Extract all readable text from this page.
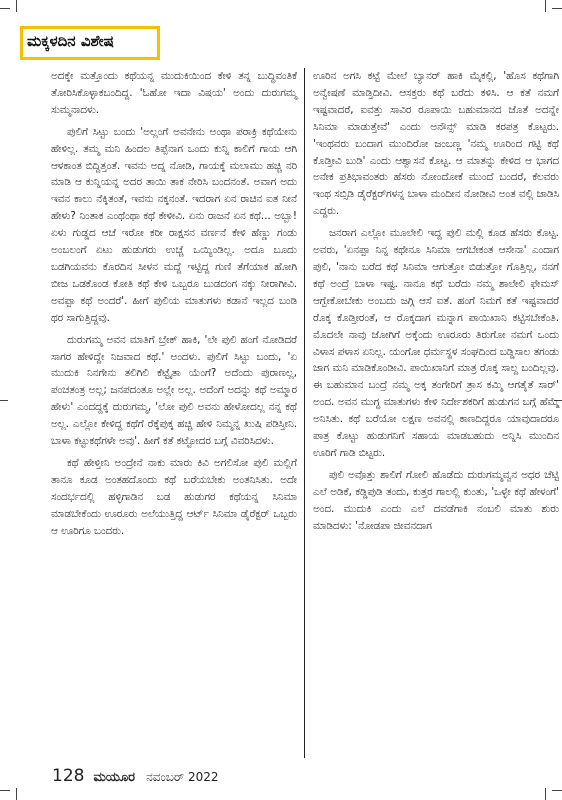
ಮಕ್ಕಳದಿನ ವಿಶೇಷ

ಅದಕ್ಕೇ ಮತ್ತೊಂದು ಕಥೆಯನ್ನ ಮುದುಕಿಯಿಂದ ಕೇಳಿ ತನ್ನ ಬುದ್ಧಿವಂತಿಕೆ ತೋರಿಸಿಕೊಳ್ಳಾಕಬಂದಿದ್ದ. 'ಓಹೋ ಇದಾ ವಿಷಯ' ಅಂದು ದುರುಗಮ್ಮ ಸುಮ್ಮನಾದಳು.

ಪುಲಿಗೆ ಸಿಟ್ಟು ಬಂದು 'ಅಲ್ಲಂಗೆ ಅವನೇನು ಅಂಥಾ ಪರಾಕ್ರಿ ಕಥೆಯೇನು ಹೇಳಿಲ್ಲ. ತಮ್ಮ ಮನಿ ಹಿಂದಲ ತಿಪ್ಪೆನಾಗ ಒಂದು ಕುನ್ನಿ ಕಾಲಿಗೆ ಗಾಯ ಆಗಿ ಆಳಕಾಂತ ಬಿದ್ದಿತ್ತಂತೆ. ಇವನು ಅದ್ನ ನೋಡಿ, ಗಾಯಕ್ಕೆ ಮಲಾಮು ಹಚ್ಚಿ ನರಿ ಮಾಡಿ ಆ ಕುನ್ನಿಯನ್ನ ಅದರ ತಾಯಿ ತಾಕ ನೇರಿಸಿ ಬಂದನಂತೆ. ಅವಾಗ ಅದು ಇವನ ಕಾಲು ನೆಕ್ಕಿತಂತೆ, ಇವನು ನಕ್ಕನಂತೆ. ಇದರಾಗ ಏನ ರಾಚಿನ ಐತ ನೀನೆ ಹೇಳು? ನಿಂತಾಕ ಎಂಥೆಂಥಾ ಕಥೆ ಕೇಳೀವಿ. ಏನು ರಾಜನೆ ಏನ ಕಥೆ... ಅಬ್ಬಾ! ಏಳು ಗುಡ್ಡದ ಆಚೆ ಇರೋ ಕರೀ ರಾಕ್ಷಸನ ವರ್ಣನೆ ಕೇಳಿ ಹೆಣ್ಣು ಗಂಡು ಅಂಬಲಂಗೆ ಏಟು ಹುಡುಗರು ಉಚ್ಚೆ ಒಯ್ಯಿಂಡಿಲ್ಲ. ಅದೂ ಬೂದು ಬಡಗಿಯವನು ಕೊರದಿನ ಸೀಳನ ಮದ್ದೆ ಇಟ್ಟಿದ್ದ ಗುಣಿ ತೆಗೆಯಾಕ ಹೋಗಿ ಬೀಜ ಒಡಕೊಂಡ ಕೋತಿ ಕಥೆ ಕೇಳಿ ಒಬ್ಬರೂ ಬುಡದಂಗ ನಕ್ಕು ನೀರಾಗೀವಿ. ಅವಪ್ಪಾ ಕಥೆ ಅಂದರೆ'. ಹೀಗೆ ಪುಲಿಯ ಮಾತುಗಳು ಕಡಾನೆ ಇಲ್ಲದ ಬಂಡಿ ಥರ ಸಾಗುತ್ತಿದ್ದವು.

ದುರುಗಮ್ಮ ಅವನ ಮಾತಿಗೆ ಬ್ರೇಕ್ ಹಾಕಿ, 'ಲೇ ಪುಲಿ ಹಂಗೆ ನೋಡಿದರೆ ಸಾಗರ ಹೇಳಿದ್ದೇ ನಿಜವಾದ ಕಥೆ.' ಅಂದಳು. ಪುಲಿಗೆ ಸಿಟ್ಟು ಬಂದು, 'ಏ ಮುದುಕಿ ನಿನಗೇನು ತಲಿಗಿಲಿ ಕೆಟ್ಟೈತಾ ಯೆಂಗೆ? ಅದೆಂದು ಪುರಾಣಲ್ಲ, ಪಂಚತಂತ್ರ ಅಲ್ಲ; ಜನಪದಂತೂ ಅಲ್ಲೇ ಅಲ್ಲ. ಅದೆಂಗೆ ಅದನ್ನು ಕಥೆ ಅಮ್ಮಾರ ಹೇಳು' ಎಂದದ್ದಕ್ಕೆ ದುರುಗಮ್ಮ, 'ಲೋ ಪುಲಿ ಅವನು ಹೇಳೋದಲ್ಲ ನನ್ನ ಕಥೆ ಅಲ್ಲ. ಎಲ್ಲೋ ಕೇಳಿದ್ದ ಕಥೆಗೆ ರೆಕ್ಕೆಪುಕ್ಕ ಹಚ್ಚಿ ಹೇಳಿ ನಿಮ್ಮನ್ನ ಖುಷಿ ಪಡಿಸ್ತೀನಿ. ಬಾಳಾ ಕಟ್ಟುಕಥೆಗಳೇ ಅವು'. ಹೀಗೆ ಕತೆ ಕಟ್ಟೋದರ ಬಗ್ಗೆ ವಿವರಿಸಿದಳು.

ಕಥೆ ಹೇಳ್ತೀನಿ ಅಂದ್ರೇನೆ ನಾಕು ಮಾರು ಕಿವಿ ಅಗಲಿಸೋ ಪುಲಿ ಮಲ್ಲಿಗೆ ತಾನೂ ಕೂಡ ಅಂತಹದೊಂದು ಕಥೆ ಬರೆಯಬೇಕು ಅಂತನಿಸಿತು. ಅದೇ ಸಂದರ್ಭದಲ್ಲಿ ಹಳ್ಳಿಗಾಡಿನ ಬಡ ಹುಡುಗರ ಕಥೆಯನ್ನ ಸಿನಿಮಾ ಮಾಡಬೇಕೆಂದು ಊರೂರು ಅಲೆಯುತ್ತಿದ್ದ ಆರ್ಟ್ ಸಿನಿಮಾ ಡೈರೆಕ್ಟರ್ ಒಬ್ಬರು ಆ ಊರಿಗೂ ಬಂದರು.

ಊರಿನ ಅಗಸಿ ಕಟ್ಟೆ ಮೇಲೆ ಬ್ಯಾನರ್ ಹಾಕಿ ಮೈಕಲ್ಲಿ, 'ಹೊಸ ಕಥೆಗಾಗಿ ಅನ್ವೇಷಣೆ ಮಾಡ್ತಿದೀವಿ. ಆಸಕ್ತರು ಕಥೆ ಬರೆದು ಕಳಿಸಿ. ಆ ಕತೆ ನಮಗೆ ಇಷ್ಟವಾದರೆ, ಐವತ್ತು ಸಾವಿರ ರೂಪಾಯಿ ಬಹುಮಾನದ ಜೊತೆ ಅದನ್ನೇ ಸಿನಿಮಾ ಮಾಡುತ್ತೇವೆ' ಎಂದು ಅನೌನ್ಸ್ ಮಾಡಿ ಕರಪತ್ರ ಕೊಟ್ಟರು. 'ಇಂಥವರು ಬಂದಾಗ ಮುಂದಿರೋ ಜಂಬಣ್ಣ 'ನಮ್ಮ ಊರಿಂದ ಗಟ್ಟಿ ಕಥೆ ಕೊಡ್ತೀವಿ ಬುಡಿ' ಎಂದು ಆಶ್ವಾಸನೆ ಕೊಟ್ಟ. ಆ ಮಾತನ್ನು ಕೇಳಿದ ಆ ಭಾಗದ ಅನೇಕ ಪ್ರತಿಭಾವಂತರು ಹೆಸರು ನೋಂದೋಕೆ ಮುಂದೆ ಬಂದರೆ, ಕೆಲವರು ಇಂಥ ಸಬ್ಸಿಡಿ ಡೈರೆಕ್ಟರ್‌ಗಳನ್ನ ಬಾಳಾ ಮಂದೀನ ನೋಡೀವಿ ಅಂತ ವಲ್ಲಿ ಜಾಡಿಸಿ ಎದ್ದರು.

ಜನರಾಗ ಎಲ್ಲೋ ಮೂಲೇಲಿ ಇದ್ದ ಪುಲಿ ಮಲ್ಲಿ ಕೂಡ ಹೆಸರು ಕೊಟ್ಟ. ಅವರು, 'ಏನಪ್ಪಾ ನಿನ್ನ ಕಥೇನೂ ಸಿನಿಮಾ ಆಗಬೇಕಂತ ಆಸೇನಾ' ಎಂದಾಗ ಪುಲಿ, 'ನಾನು ಬರೆದ ಕಥೆ ಸಿನಿಮಾ ಆಗುತ್ತೋ ಬಿಡುತ್ತೋ ಗೊತ್ತಿಲ್ಲ, ನನಗೆ ಕಥೆ ಅಂದ್ರೆ ಬಾಳಾ ಇಷ್ಟ. ನಾನೂ ಕಥೆ ಬರೆದು ನಮ್ಮ ಶಾಲೇಲಿ ಫೇಮಸ್ ಆಗ್ಬೇಕೋಬೇಕು ಅಂಬದು ಜಗ್ಗಿ ಆಸೆ ಐತೆ. ಹಂಗೆ ನಿಮಗೆ ಕತೆ ಇಷ್ಟವಾದರೆ ರೊಕ್ಕ ಕೊಡ್ತೀರಂತೆ, ಆ ರೊಕ್ಕದಾಗ ಮನ್ನಾಗ ಪಾಯಿಖಾನಿ ಕಟ್ಟಿಸಬೇಕೆಂತಿ. ಮೊದಲೇ ನಾವು ಜೋಗಿಗೆ ಅಕ್ಕೆಂದು ಊರೂರು ತಿರುಗೋ ನಮಗೆ ಒಂದು ವಿಳಾಸ ಪಳಾಸ ಏನಿಲ್ಲ. ಯಂಗೋ ಧರ್ಮಸ್ಥಳ ಸಂಘದಿಂದ ಬಡ್ಡಿಸಾಲ ತಗಂಡು ಜಾಗ ಮನಿ ಮಾಡಿಕೊಂಡೀವಿ. ಪಾಯಿಖಾನಿಗೆ ಮಾತ್ರ ರೊಕ್ಕ ಸಾಲ್ದ ಬಂದಿಲ್ಲವು. ಈ ಬಹುಮಾನ ಬಂದ್ರೆ ನಮ್ಮ ಅಕ್ಕ ತಂಗೇರಿಗೆ ತ್ರಾಸ ಕಮ್ಮಿ ಆಗತೈತೆ ಸಾರ್' ಅಂದ. ಅವನ ಮುಗ್ಧ ಮಾತುಗಳು ಕೇಳಿ ನಿರ್ದೇಶಕರಿಗೆ ಹುಡುಗನ ಬಗ್ಗೆ ಹೆಮ್ಮೆ ಅನಿಸಿತು. ಕಥೆ ಬರೆಯೋ ಲಕ್ಷಣ ಅವನಲ್ಲಿ ಕಾಣದಿದ್ದರೂ ಯಾವುದಾದರೂ ಪಾತ್ರ ಕೊಟ್ಟು ಹುಡುಗನಿಗೆ ಸಹಾಯ ಮಾಡಬಹುದು ಅನ್ನಿಸಿ ಮುಂದಿನ ಊರಿಗೆ ಗಾಡಿ ಬಿಟ್ಟರು.

ಪುಲಿ ಅವೊತ್ತು ಶಾಲಿಗೆ ಗೋಲಿ ಹೊಡೆದು ದುರುಗಮ್ಮವ್ವನ ಅಧರ ಚೆಟ್ಟಿ ಎಲೆ ಅಡಿಕೆ, ಕಡ್ಡಿಪುಡಿ ತಂದು, ಕುತ್ತರ ಗಾಲಲ್ಲಿ ಕುಂತು, 'ಒಳ್ಳೇ ಕಥೆ ಹೇಳಂಗೆ' ಅಂದ. ಮುದುಕಿ ಎಂದು ಎಲೆ ದವಡೆಗಾಕಿ ನಂಬಲಿ ಮಾತು ಶುರು ಮಾಡಿದಳು: 'ನೋಡಪಾ ಜೀವನದಾಗ

128 ಮಯೂರ ನವಂಬರ್ 2022
